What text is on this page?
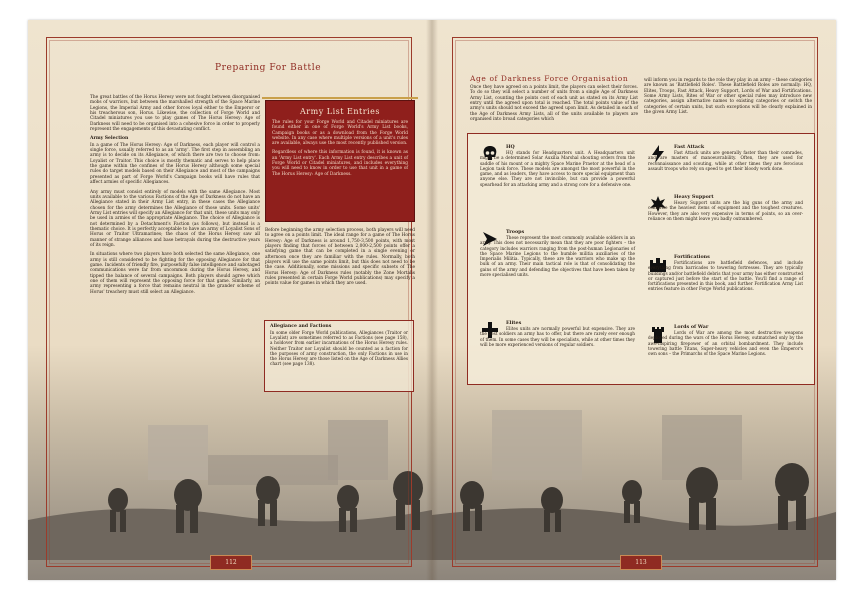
Preparing For Battle

The great battles of the Horus Heresy were not fought between disorganised mobs of warriors, but between the marshalled strength of the Space Marine Legions, the Imperial Army and other forces loyal either to the Emperor or his treacherous son, Horus. Likewise, the collection of Forge World and Citadel miniatures you use to play games of The Horus Heresy: Age of Darkness will need to be organised into a cohesive force in order to properly represent the engagements of this devastating conflict.

Army Selection

In a game of The Horus Heresy: Age of Darkness, each player will control a single force, usually referred to as an 'army'. The first step in assembling an army is to decide on its Allegiance, of which there are two to choose from: Loyalist or Traitor. This choice is mostly thematic and serves to help place the game within the confines of the Horus Heresy although some special rules do target models based on their Allegiance and most of the campaigns presented as part of Forge World's Campaign books will have rules that affect armies of specific Allegiances.

Any army must consist entirely of models with the same Allegiance. Most units available to the various Factions of the Age of Darkness do not have an Allegiance stated in their Army List entry, in these cases the Allegiance chosen for the army determines the Allegiance of those units. Some units' Army List entries will specify an Allegiance for that unit, these units may only be used in armies of the appropriate Allegiance. The choice of Allegiance is not determined by a Detachment's Faction (as follows), but instead is a thematic choice. It is perfectly acceptable to have an army of Loyalist Sons of Horus or Traitor Ultramarines; the chaos of the Horus Heresy saw all manner of strange alliances and base betrayals during the destructive years of its reign.

In situations where two players have both selected the same Allegiance, one army is still considered to be fighting for the opposing Allegiance for that game. Incidents of friendly fire, purposefully false intelligence and sabotaged communications were far from uncommon during the Horus Heresy, and tipped the balance of several campaigns. Both players should agree which one of them will represent the opposing force for that game. Similarly, an army representing a force that remains neutral in the grander scheme of Horus' treachery must still select an Allegiance.

Army List Entries

The rules for your Forge World and Citadel miniatures are found either in one of Forge World's Army List books, Campaign books or as a download from the Forge World website. In any case where multiple versions of a unit's rules are available, always use the most recently published version.

Regardless of where this information is found, it is known as an 'Army List entry'. Each Army List entry describes a unit of Forge World or Citadel miniatures, and includes everything you will need to know in order to use that unit in a game of The Horus Heresy: Age of Darkness.

Before beginning the army selection process, both players will need to agree on a points limit. The ideal range for a game of The Horus Heresy: Age of Darkness is around 1,750-3,500 points, with most players finding that forces of between 2,000-2,500 points offer a satisfying game that can be completed in a single evening or afternoon once they are familiar with the rules. Normally, both players will use the same points limit, but this does not need to be the case. Additionally, some missions and specific subsets of The Horus Heresy: Age of Darkness rules (notably the Zone Mortalis rules presented in certain Forge World publications) may specify a points value for games in which they are used.

Allegiance and Factions
In some older Forge World publications, Allegiances (Traitor or Loyalist) are sometimes referred to as Factions (see page 158), a holdover from earlier incarnations of the Horus Heresy rules. Neither Traitor nor Loyalist should be counted as a faction for the purposes of army construction, the only Factions in use in the Horus Heresy are those listed on the Age of Darkness Allies chart (see page 138).
112
Age of Darkness Force Organisation

Once they have agreed on a points limit, the players can select their forces. To do so they will select a number of units from a single Age of Darkness Army List, counting the points cost of each unit as stated on its Army List entry until the agreed upon total is reached. The total points value of the army's units should not exceed the agreed upon limit. As detailed in each of the Age of Darkness Army Lists, all of the units available to players are organised into broad categories which

will inform you in regards to the role they play in an army – these categories are known as 'Battlefield Roles'. These Battlefield Roles are normally: HQ, Elites, Troops, Fast Attack, Heavy Support, Lords of War and Fortifications. Some Army Lists, Rites of War or other special rules may introduce new categories, assign alternative names to existing categories or switch the categories of certain units, but such exceptions will be clearly explained in the given Army List.

113
HQ
HQ stands for Headquarters unit. A Headquarters unit might be a determined Solar Auxilia Marshal shouting orders from the saddle of his mount or a mighty Space Marine Praetor at the head of a Legion task force. These models are amongst the most powerful in the game, and as leaders, they have access to more special equipment than anyone else. They are not invincible, but can provide a powerful spearhead for an attacking army and a strong core for a defensive one.
Troops
These represent the most commonly available soldiers in an army. This does not necessarily mean that they are poor fighters – the category includes warriors ranging from the post-human Legionaries of the Space Marine Legions to the humble militia auxiliaries of the Imperialis Militia. Typically, these are the warriors who make up the bulk of an army. Their main tactical role is that of consolidating the gains of the army and defending the objectives that have been taken by more specialised units.
Elites
Elites units are normally powerful but expensive. They are the best soldiers an army has to offer, but there are rarely ever enough of them. In some cases they will be specialists, while at other times they will be more experienced versions of regular soldiers.
Fast Attack
Fast Attack units are generally faster than their comrades, and are masters of manoeuvrability. Often, they are used for reconnaissance and scouting, while at other times they are ferocious assault troops who rely on speed to get their bloody work done.
Heavy Support
Heavy Support units are the big guns of the army and comprise the heaviest items of equipment and the toughest creatures. However, they are also very expensive in terms of points, so an over-reliance on them might leave you badly outnumbered.
Fortifications
Fortifications are battlefield defences, and include everything from barricades to towering fortresses. They are typically buildings and/or battlefield debris that your army has either constructed or captured just before the start of the battle. You'll find a range of fortifications presented in this book, and further Fortification Army List entries feature in other Forge World publications.
Lords of War
Lords of War are among the most destructive weapons deployed during the wars of the Horus Heresy, outmatched only by the awe-inspiring firepower of an orbital bombardment. They include towering battle Titans, Super-heavy vehicles and even the Emperor's own sons – the Primarchs of the Space Marine Legions.
